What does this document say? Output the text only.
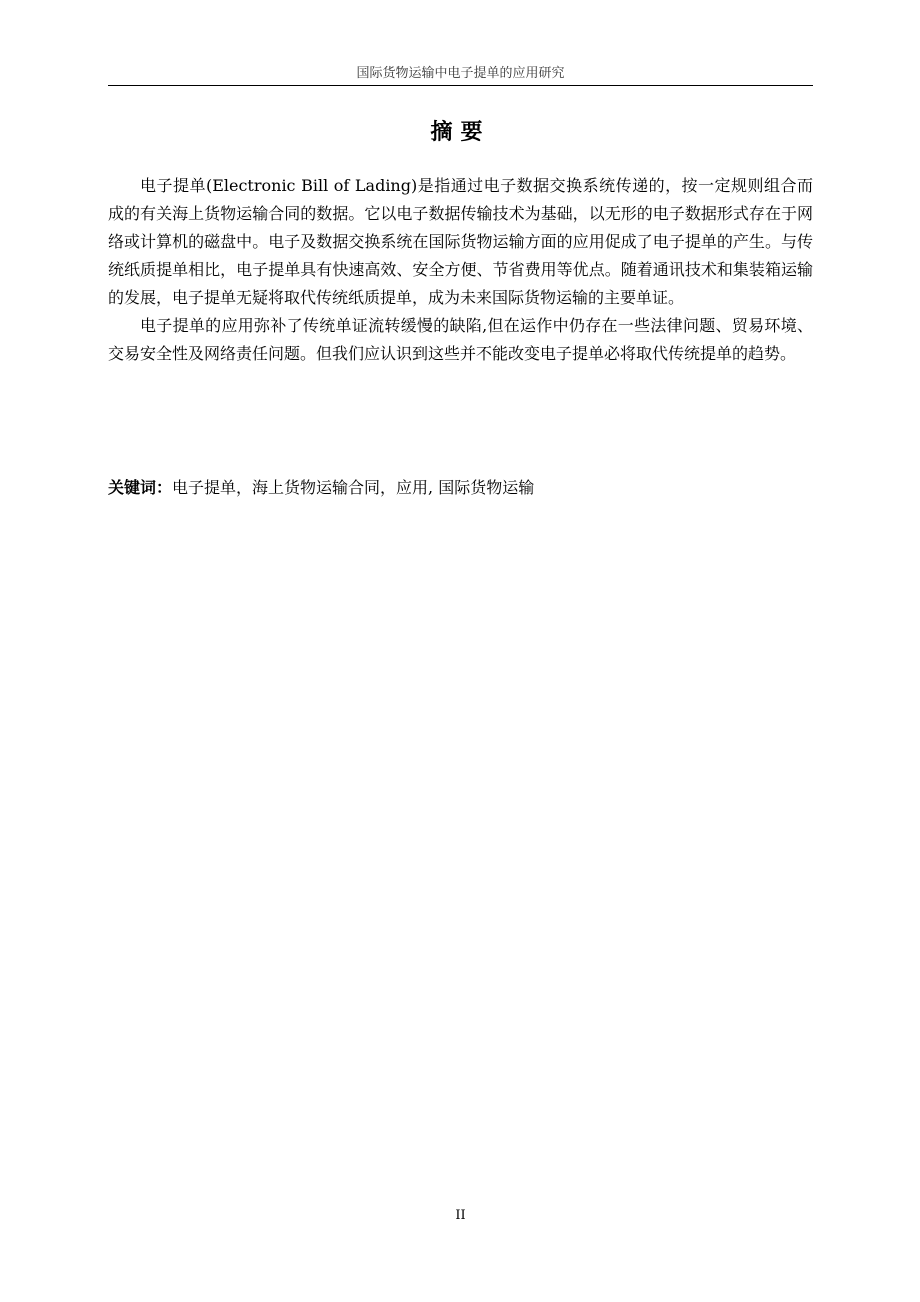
国际货物运输中电子提单的应用研究
摘要

电子提单(Electronic Bill of Lading)是指通过电子数据交换系统传递的，按一定规则组合而成的有关海上货物运输合同的数据。它以电子数据传输技术为基础，以无形的电子数据形式存在于网络或计算机的磁盘中。电子及数据交换系统在国际货物运输方面的应用促成了电子提单的产生。与传统纸质提单相比，电子提单具有快速高效、安全方便、节省费用等优点。随着通讯技术和集装箱运输的发展，电子提单无疑将取代传统纸质提单，成为未来国际货物运输的主要单证。

电子提单的应用弥补了传统单证流转缓慢的缺陷,但在运作中仍存在一些法律问题、贸易环境、交易安全性及网络责任问题。但我们应认识到这些并不能改变电子提单必将取代传统提单的趋势。

关键词：电子提单，海上货物运输合同，应用, 国际货物运输
II
